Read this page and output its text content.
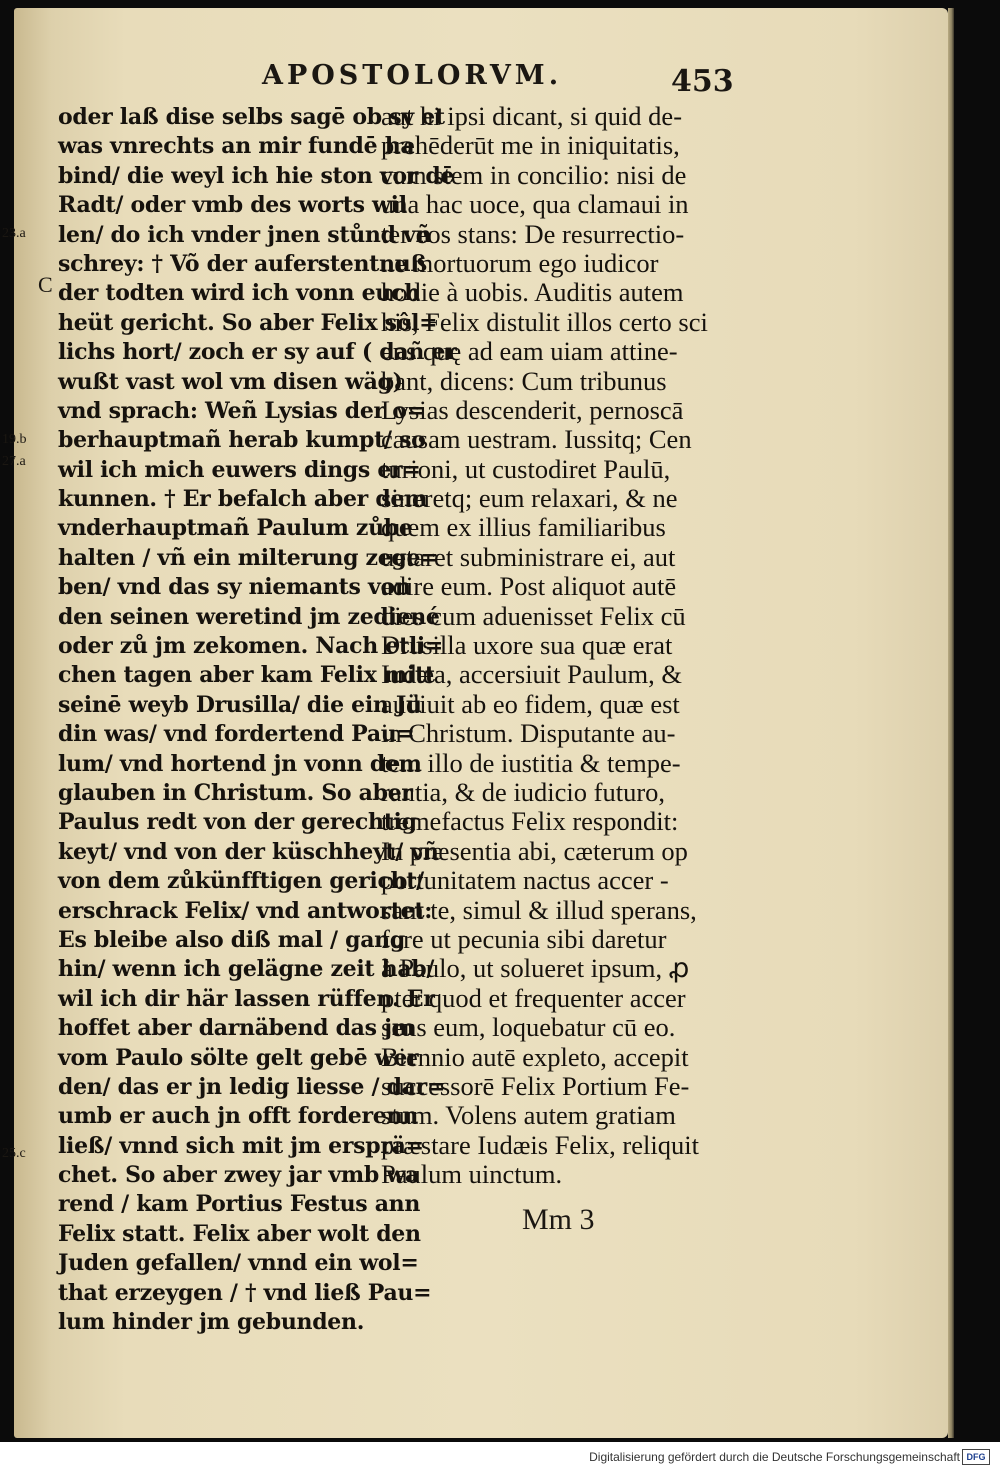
APOSTOLORVM.	453
23.a
C
19.b
27.a
25.c
oder laß dise selbs sagē ob sy et
was vnrechts an mir fundē ha
bind/ die weyl ich hie ston vor dē
Radt/ oder vmb des worts wil
len/ do ich vnder jnen stůnd vñ
schrey: † Võ der auferstentnuß
der todten wird ich vonn euch
heüt gericht. So aber Felix sôl=
lichs hort/ zoch er sy auf ( dañ er
wußt vast wol vm disen wäg)
vnd sprach: Weñ Lysias der o=
berhauptmañ herab kumpt/ so
wil ich mich euwers dings er=
kunnen. † Er befalch aber dem
vnderhauptmañ Paulum zůbe
halten / vñ ein milterung zege=
ben/ vnd das sy niemants von
den seinen weretind jm zediené
oder zů jm zekomen. Nach etli=
chen tagen aber kam Felix mitt
seinē weyb Drusilla/ die ein Jü
din was/ vnd fordertend Pau=
lum/ vnd hortend jn vonn dem
glauben in Christum. So aber
Paulus redt von der gerechtig
keyt/ vnd von der küschheyt/ vñ
von dem zůkünfftigen gericht/
erschrack Felix/ vnd antwortet:
Es bleibe also diß mal / gang
hin/ wenn ich gelägne zeit hab/
wil ich dir här lassen rüffen. Er
hoffet aber darnäbend das jm
vom Paulo sölte gelt gebē wer
den/ das er jn ledig liesse / dar=
umb er auch jn offt forderenn
ließ/ vnnd sich mit jm ersprä=
chet. So aber zwey jar vmb wa
rend / kam Portius Festus ann
Felix statt. Felix aber wolt den
Juden gefallen/ vnnd ein wol=
that erzeygen / † vnd ließ Pau=
lum hinder jm gebunden.
aut hi ipsi dicant, si quid de-
prehēderūt me in iniquitatis,
cum stem in concilio: nisi de
una hac uoce, qua clamaui in
ter eos stans: De resurrectio-
ne mortuorum ego iudicor
hodie à uobis. Auditis autem
his, Felix distulit illos certo sci
ens quę ad eam uiam attine-
bant, dicens: Cum tribunus
Lysias descenderit, pernoscā
causam uestram. Iussitq; Cen
turioni, ut custodiret Paulū,
sineretq; eum relaxari, & ne
quem ex illius familiaribus
uetaret subministrare ei, aut
adire eum. Post aliquot autē
dies cum aduenisset Felix cū
Drusilla uxore sua quæ erat
Iudæa, accersiuit Paulum, &
audiuit ab eo fidem, quæ est
in Christum. Disputante au-
tem illo de iustitia & tempe-
rantia, & de iudicio futuro,
tremefactus Felix respondit:
In præsentia abi, cæterum op
portunitatem nactus accer -
sam te, simul & illud sperans,
fore ut pecunia sibi daretur
à Paulo, ut solueret ipsum, ꝓ
pter quod et frequenter accer
sens eum, loquebatur cū eo.
Biennio autē expleto, accepit
successorē Felix Portium Fe-
stum. Volens autem gratiam
præstare Iudæis Felix, reliquit
Paulum uinctum.
Mm 3
Digitalisierung gefördert durch die Deutsche Forschungsgemeinschaft DFG
